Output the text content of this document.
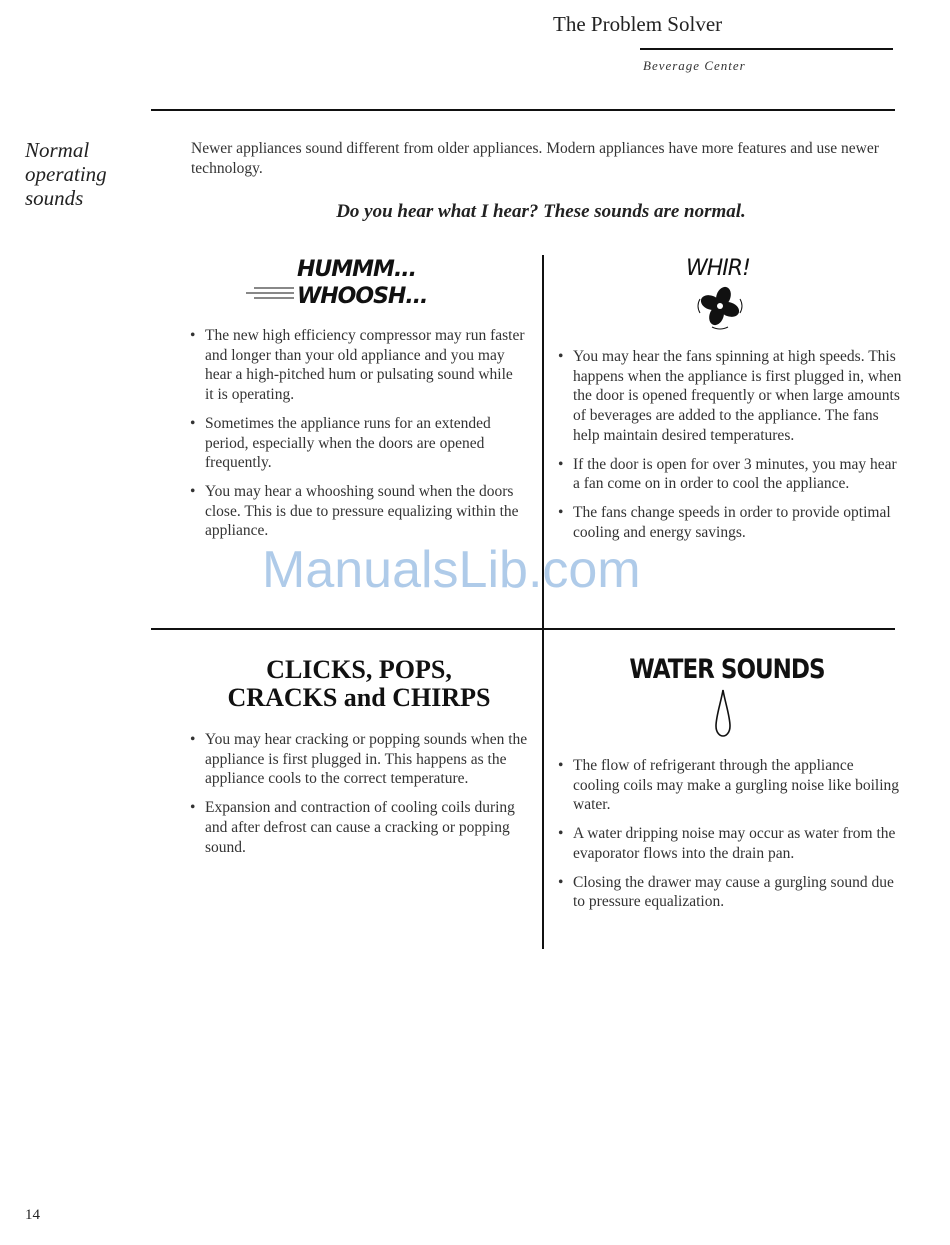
The Problem Solver
Beverage Center
Normal
operating
sounds
Newer appliances sound different from older appliances. Modern appliances have more features and use newer technology.
Do you hear what I hear? These sounds are normal.
HUMMM...
WHOOSH...
• The new high efficiency compressor may run faster and longer than your old appliance and you may hear a high-pitched hum or pulsating sound while it is operating.
• Sometimes the appliance runs for an extended period, especially when the doors are opened frequently.
• You may hear a whooshing sound when the doors close. This is due to pressure equalizing within the appliance.
WHIR!
• You may hear the fans spinning at high speeds. This happens when the appliance is first plugged in, when the door is opened frequently or when large amounts of beverages are added to the appliance. The fans help maintain desired temperatures.
• If the door is open for over 3 minutes, you may hear a fan come on in order to cool the appliance.
• The fans change speeds in order to provide optimal cooling and energy savings.
CLICKS, POPS,
CRACKS and CHIRPS
• You may hear cracking or popping sounds when the appliance is first plugged in. This happens as the appliance cools to the correct temperature.
• Expansion and contraction of cooling coils during and after defrost can cause a cracking or popping sound.
WATER SOUNDS
• The flow of refrigerant through the appliance cooling coils may make a gurgling noise like boiling water.
• A water dripping noise may occur as water from the evaporator flows into the drain pan.
• Closing the drawer may cause a gurgling sound due to pressure equalization.
ManualsLib.com
14
